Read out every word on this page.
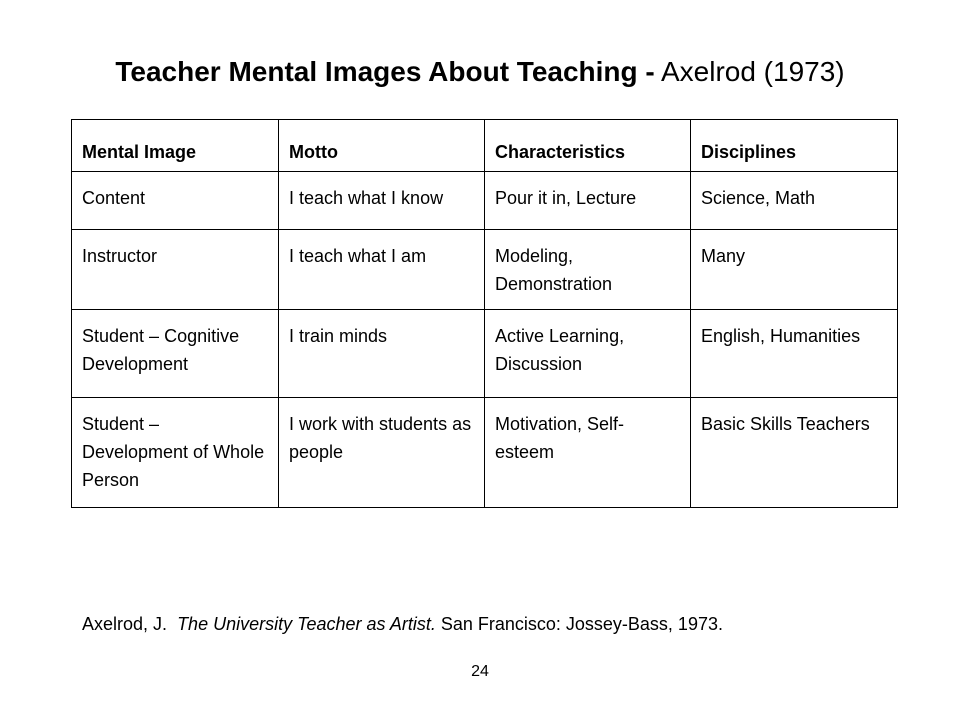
Teacher Mental Images About Teaching - Axelrod (1973)
Mental Image	Motto	Characteristics	Disciplines
Content	I teach what I know	Pour it in, Lecture	Science, Math
Instructor	I teach what I am	Modeling, Demonstration	Many
Student – Cognitive Development	I train minds	Active Learning, Discussion	English, Humanities
Student – Development of Whole Person	I work with students as people	Motivation, Self-esteem	Basic Skills Teachers
Axelrod, J. The University Teacher as Artist. San Francisco: Jossey-Bass, 1973.
24
